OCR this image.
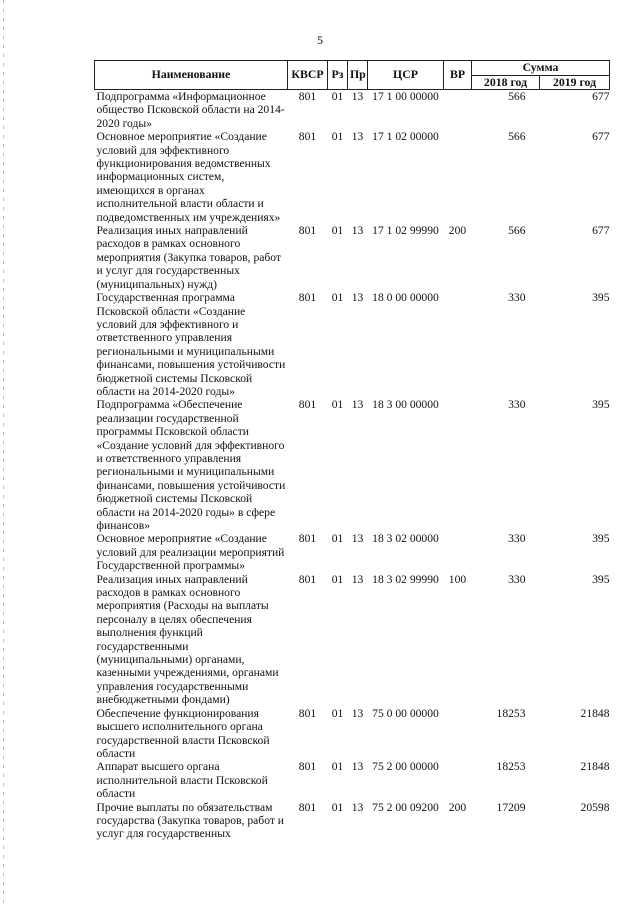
5
Наименование	КВСР	Рз	Пр	ЦСР	ВР	Сумма	
						2018 год	2019 год
Подпрограмма «Информационное общество Псковской области на 2014-2020 годы»	801	01	13	17 1 00 00000		566	677
Основное мероприятие «Создание условий для эффективного функционирования ведомственных информационных систем, имеющихся в органах исполнительной власти области и подведомственных им учреждениях»	801	01	13	17 1 02 00000		566	677
Реализация иных направлений расходов в рамках основного мероприятия (Закупка товаров, работ и услуг для государственных (муниципальных) нужд)	801	01	13	17 1 02 99990	200	566	677
Государственная программа Псковской области «Создание условий для эффективного и ответственного управления региональными и муниципальными финансами, повышения устойчивости бюджетной системы Псковской области на 2014-2020 годы»	801	01	13	18 0 00 00000		330	395
Подпрограмма «Обеспечение реализации государственной программы Псковской области «Создание условий для эффективного и ответственного управления региональными и муниципальными финансами, повышения устойчивости бюджетной системы Псковской области на 2014-2020 годы» в сфере финансов»	801	01	13	18 3 00 00000		330	395
Основное мероприятие «Создание условий для реализации мероприятий Государственной программы»	801	01	13	18 3 02 00000		330	395
Реализация иных направлений расходов в рамках основного мероприятия (Расходы на выплаты персоналу в целях обеспечения выполнения функций государственными (муниципальными) органами, казенными учреждениями, органами управления государственными внебюджетными фондами)	801	01	13	18 3 02 99990	100	330	395
Обеспечение функционирования высшего исполнительного органа государственной власти Псковской области	801	01	13	75 0 00 00000		18253	21848
Аппарат высшего органа исполнительной власти Псковской области	801	01	13	75 2 00 00000		18253	21848
Прочие выплаты по обязательствам государства (Закупка товаров, работ и услуг для государственных	801	01	13	75 2 00 09200	200	17209	20598
